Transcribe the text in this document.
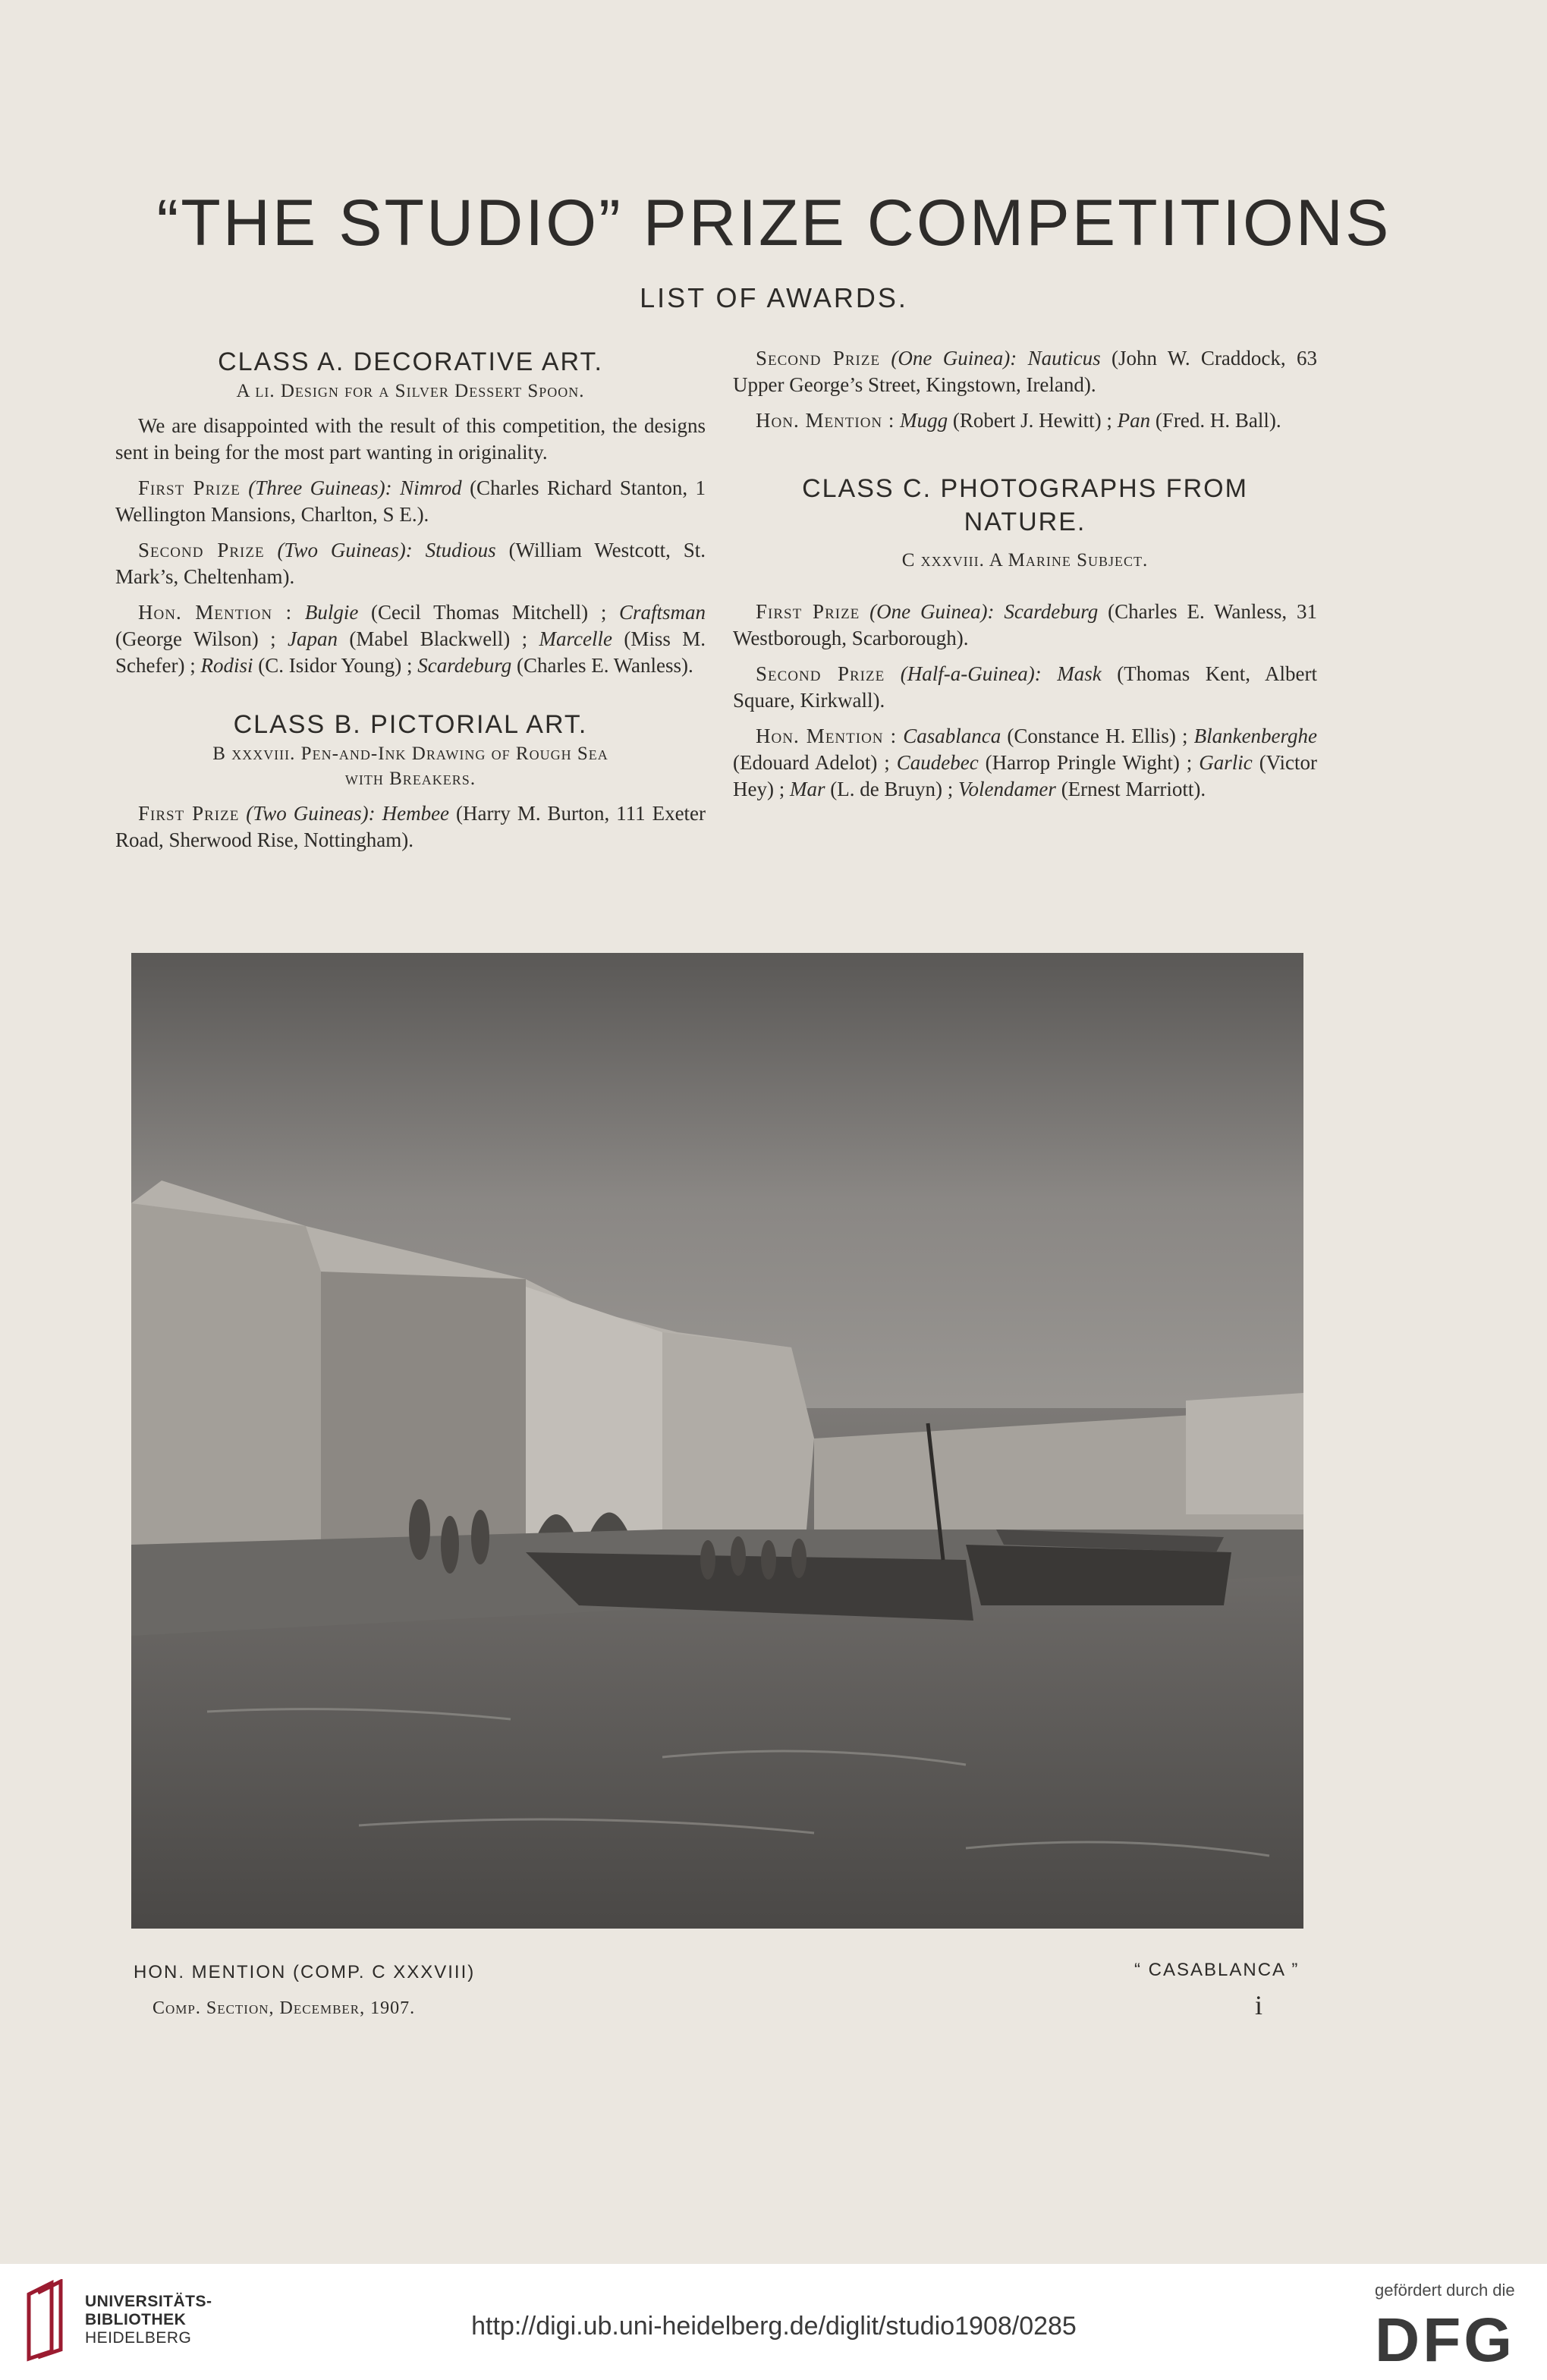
“THE STUDIO” PRIZE COMPETITIONS
LIST OF AWARDS.
CLASS A. DECORATIVE ART.
A li. Design for a Silver Dessert Spoon.

We are disappointed with the result of this competition, the designs sent in being for the most part wanting in originality.

First Prize (Three Guineas): Nimrod (Charles Richard Stanton, 1 Wellington Mansions, Charlton, S E.).

Second Prize (Two Guineas): Studious (William Westcott, St. Mark’s, Cheltenham).

Hon. Mention : Bulgie (Cecil Thomas Mitchell) ; Craftsman (George Wilson) ; Japan (Mabel Blackwell) ; Marcelle (Miss M. Schefer) ; Rodisi (C. Isidor Young) ; Scardeburg (Charles E. Wanless).

CLASS B. PICTORIAL ART.
B xxxviii. Pen-and-Ink Drawing of Rough Sea
with Breakers.

First Prize (Two Guineas): Hembee (Harry M. Burton, 111 Exeter Road, Sherwood Rise, Nottingham).

Second Prize (One Guinea): Nauticus (John W. Craddock, 63 Upper George’s Street, Kingstown, Ireland).

Hon. Mention : Mugg (Robert J. Hewitt) ; Pan (Fred. H. Ball).

CLASS C. PHOTOGRAPHS FROM
NATURE.
C xxxviii. A Marine Subject.

First Prize (One Guinea): Scardeburg (Charles E. Wanless, 31 Westborough, Scarborough).

Second Prize (Half-a-Guinea): Mask (Thomas Kent, Albert Square, Kirkwall).

Hon. Mention : Casablanca (Constance H. Ellis) ; Blankenberghe (Edouard Adelot) ; Caudebec (Harrop Pringle Wight) ; Garlic (Victor Hey) ; Mar (L. de Bruyn) ; Volendamer (Ernest Marriott).

HON. MENTION (COMP. C XXXVIII)	“ CASABLANCA ”
Comp. Section, December, 1907.	i
UNIVERSITÄTS-
BIBLIOTHEK
HEIDELBERG	http://digi.ub.uni-heidelberg.de/diglit/studio1908/0285
gefördert durch die
DFG
